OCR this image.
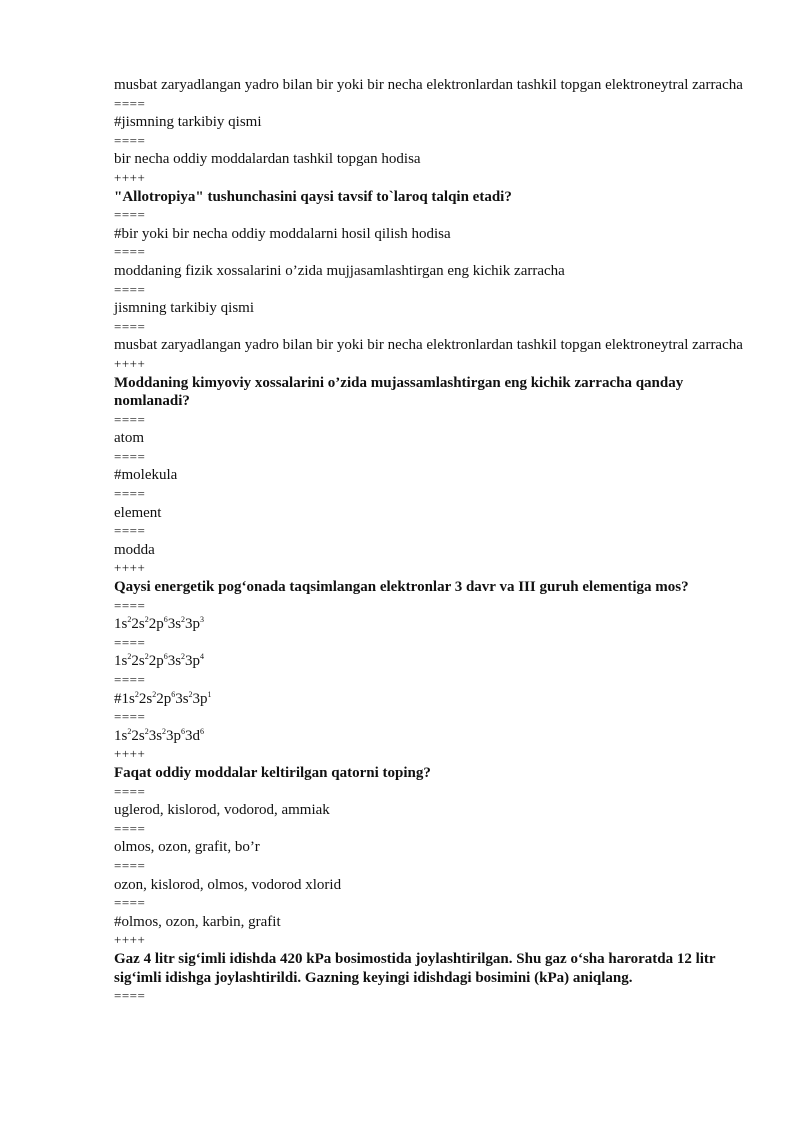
musbat zaryadlangan yadro bilan bir yoki bir necha elektronlardan tashkil topgan elektroneytral zarracha
====
#jismning tarkibiy qismi
====
bir necha oddiy moddalardan tashkil topgan hodisa
++++
"Allotropiya" tushunchasini qaysi tavsif to`laroq talqin etadi?
====
#bir yoki bir necha oddiy moddalarni hosil qilish hodisa
====
moddaning fizik xossalarini o’zida mujjasamlashtirgan eng kichik zarracha
====
jismning tarkibiy qismi
====
musbat zaryadlangan yadro bilan bir yoki bir necha elektronlardan tashkil topgan elektroneytral zarracha
++++
Moddaning kimyoviy xossalarini o’zida mujassamlashtirgan eng kichik zarracha qanday nomlanadi?
====
atom
====
#molekula
====
element
====
modda
++++
Qaysi energetik pog‘onada taqsimlangan elektronlar 3 davr va III guruh elementiga mos?
====
$1s^22s^22p^63s^23p^3$
====
$1s^22s^22p^63s^23p^4$
====
$\#1s^22s^22p^63s^23p^1$
====
$1s^22s^23s^23p^63d^6$
++++
Faqat oddiy moddalar keltirilgan qatorni toping?
====
uglerod, kislorod, vodorod, ammiak
====
olmos, ozon, grafit, bo’r
====
ozon, kislorod, olmos, vodorod xlorid
====
#olmos, ozon, karbin, grafit
++++
Gaz 4 litr sig‘imli idishda 420 kPa bosimostida joylashtirilgan. Shu gaz o‘sha haroratda 12 litr sig‘imli idishga joylashtirildi. Gazning keyingi idishdagi bosimini (kPa) aniqlang.
====
